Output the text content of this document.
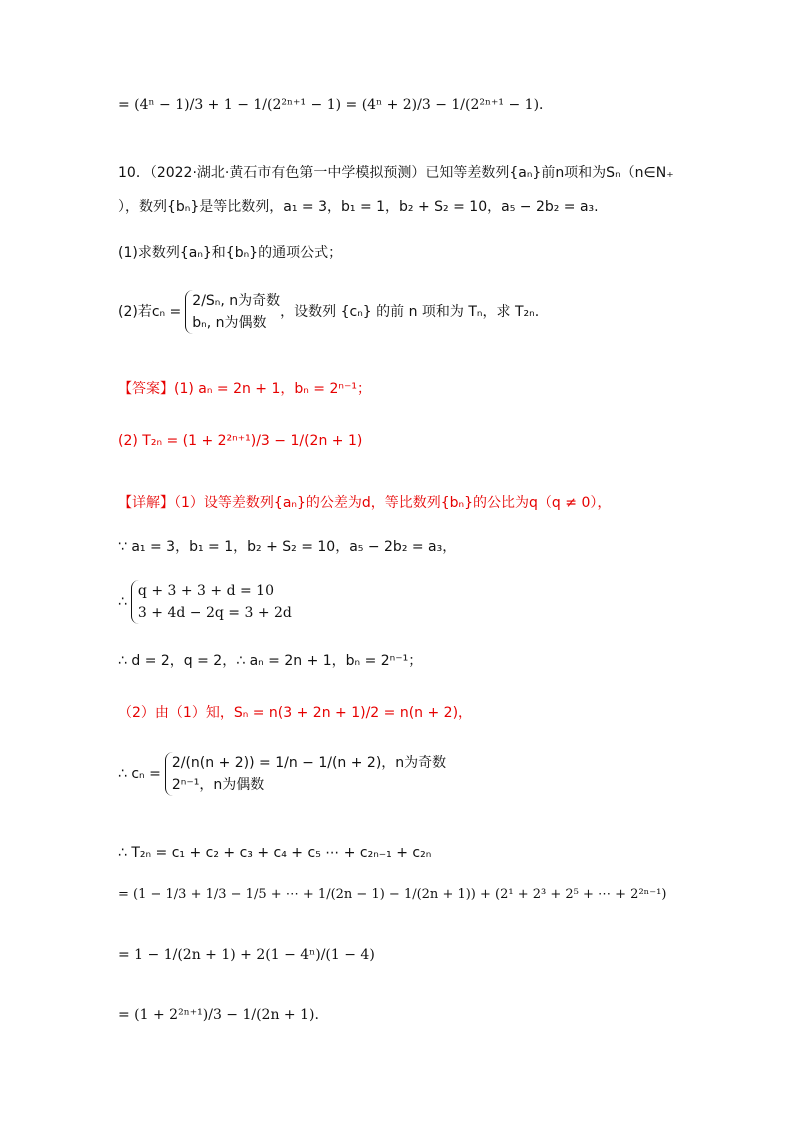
= (4ⁿ − 1)/3 + 1 − 1/(2²ⁿ⁺¹ − 1) = (4ⁿ + 2)/3 − 1/(2²ⁿ⁺¹ − 1)．
10．（2022·湖北·黄石市有色第一中学模拟预测）已知等差数列{aₙ}前n项和为Sₙ（n∈N₊
），数列{bₙ}是等比数列，a₁ = 3，b₁ = 1，b₂ + S₂ = 10，a₅ − 2b₂ = a₃.
(1)求数列{aₙ}和{bₙ}的通项公式；
(2)若cₙ =
2/Sₙ, n为奇数
bₙ, n为偶数
，设数列 {cₙ} 的前 n 项和为 Tₙ，求 T₂ₙ.
【答案】(1) aₙ = 2n + 1，bₙ = 2ⁿ⁻¹；
(2) T₂ₙ = (1 + 2²ⁿ⁺¹)/3 − 1/(2n + 1)
【详解】（1）设等差数列{aₙ}的公差为d，等比数列{bₙ}的公比为q（q ≠ 0），
∵ a₁ = 3，b₁ = 1，b₂ + S₂ = 10，a₅ − 2b₂ = a₃，
∴
q + 3 + 3 + d = 10
3 + 4d − 2q = 3 + 2d
∴ d = 2，q = 2，∴ aₙ = 2n + 1，bₙ = 2ⁿ⁻¹；
（2）由（1）知，Sₙ = n(3 + 2n + 1)/2 = n(n + 2)，
∴ cₙ =
2/(n(n + 2)) = 1/n − 1/(n + 2)，n为奇数
2ⁿ⁻¹，n为偶数
∴ T₂ₙ = c₁ + c₂ + c₃ + c₄ + c₅ ⋯ + c₂ₙ₋₁ + c₂ₙ
= (1 − 1/3 + 1/3 − 1/5 + ⋯ + 1/(2n − 1) − 1/(2n + 1)) + (2¹ + 2³ + 2⁵ + ⋯ + 2²ⁿ⁻¹)
= 1 − 1/(2n + 1) + 2(1 − 4ⁿ)/(1 − 4)
= (1 + 2²ⁿ⁺¹)/3 − 1/(2n + 1).
